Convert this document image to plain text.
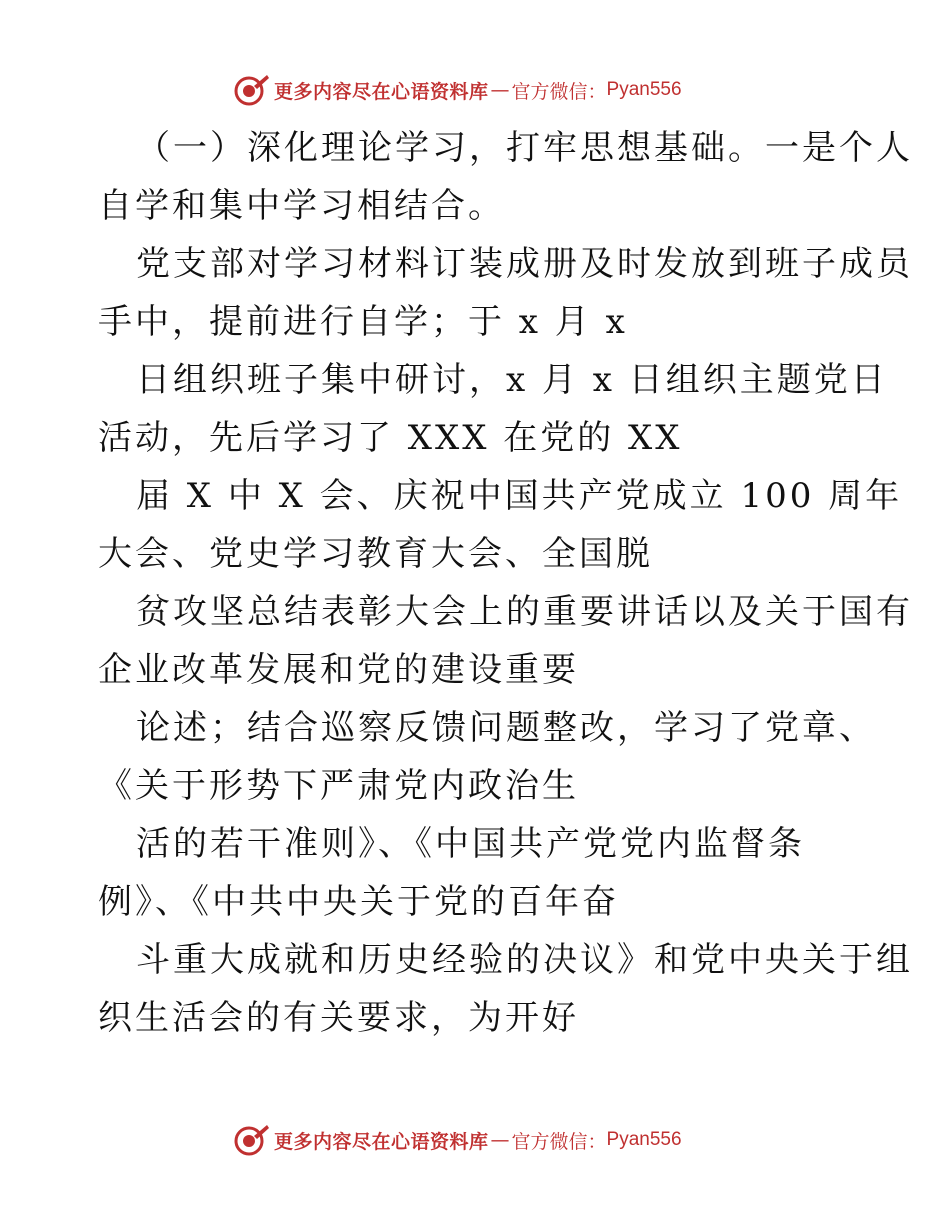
更多内容尽在心语资料库 — 官方微信： Pyan556
（一）深化理论学习，打牢思想基础。一是个人
自学和集中学习相结合。
党支部对学习材料订装成册及时发放到班子成员
手中，提前进行自学；于 x 月 x
日组织班子集中研讨，x 月 x 日组织主题党日
活动，先后学习了 XXX 在党的 XX
届 X 中 X 会、庆祝中国共产党成立 100 周年
大会、党史学习教育大会、全国脱
贫攻坚总结表彰大会上的重要讲话以及关于国有
企业改革发展和党的建设重要
论述；结合巡察反馈问题整改，学习了党章、
《关于形势下严肃党内政治生
活的若干准则》、《中国共产党党内监督条
例》、《中共中央关于党的百年奋
斗重大成就和历史经验的决议》和党中央关于组
织生活会的有关要求，为开好
更多内容尽在心语资料库 — 官方微信： Pyan556
